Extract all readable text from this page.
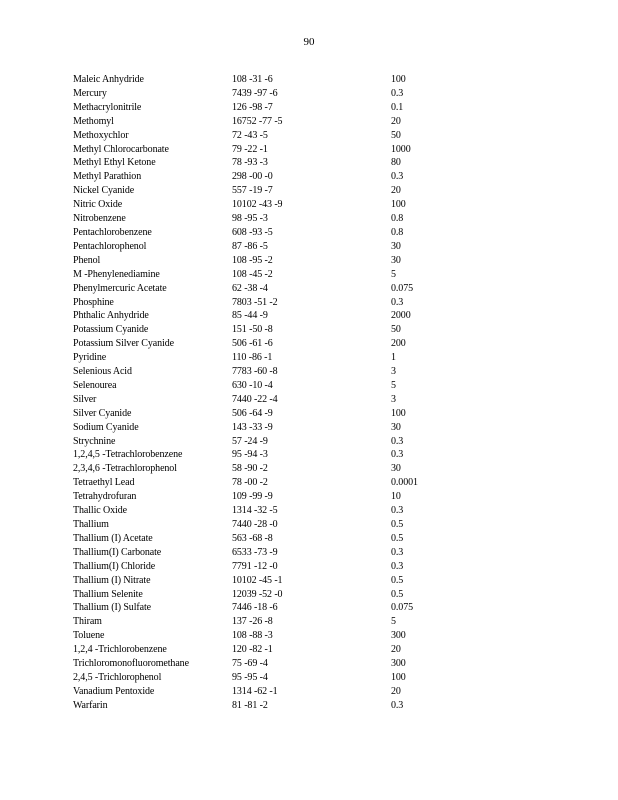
90
Maleic Anhydride	108 -31 -6	100
Mercury	7439 -97 -6	0.3
Methacrylonitrile	126 -98 -7	0.1
Methomyl	16752 -77 -5	20
Methoxychlor	72 -43 -5	50
Methyl Chlorocarbonate	79 -22 -1	1000
Methyl Ethyl Ketone	78 -93 -3	80
Methyl Parathion	298 -00 -0	0.3
Nickel Cyanide	557 -19 -7	20
Nitric Oxide	10102 -43 -9	100
Nitrobenzene	98 -95 -3	0.8
Pentachlorobenzene	608 -93 -5	0.8
Pentachlorophenol	87 -86 -5	30
Phenol	108 -95 -2	30
M -Phenylenediamine	108 -45 -2	5
Phenylmercuric Acetate	62 -38 -4	0.075
Phosphine	7803 -51 -2	0.3
Phthalic Anhydride	85 -44 -9	2000
Potassium Cyanide	151 -50 -8	50
Potassium Silver Cyanide	506 -61 -6	200
Pyridine	110 -86 -1	1
Selenious Acid	7783 -60 -8	3
Selenourea	630 -10 -4	5
Silver	7440 -22 -4	3
Silver Cyanide	506 -64 -9	100
Sodium Cyanide	143 -33 -9	30
Strychnine	57 -24 -9	0.3
1,2,4,5 -Tetrachlorobenzene	95 -94 -3	0.3
2,3,4,6 -Tetrachlorophenol	58 -90 -2	30
Tetraethyl Lead	78 -00 -2	0.0001
Tetrahydrofuran	109 -99 -9	10
Thallic Oxide	1314 -32 -5	0.3
Thallium	7440 -28 -0	0.5
Thallium (I) Acetate	563 -68 -8	0.5
Thallium(I) Carbonate	6533 -73 -9	0.3
Thallium(I) Chloride	7791 -12 -0	0.3
Thallium (I) Nitrate	10102 -45 -1	0.5
Thallium Selenite	12039 -52 -0	0.5
Thallium (I) Sulfate	7446 -18 -6	0.075
Thiram	137 -26 -8	5
Toluene	108 -88 -3	300
1,2,4 -Trichlorobenzene	120 -82 -1	20
Trichloromonofluoromethane	75 -69 -4	300
2,4,5 -Trichlorophenol	95 -95 -4	100
Vanadium Pentoxide	1314 -62 -1	20
Warfarin	81 -81 -2	0.3
